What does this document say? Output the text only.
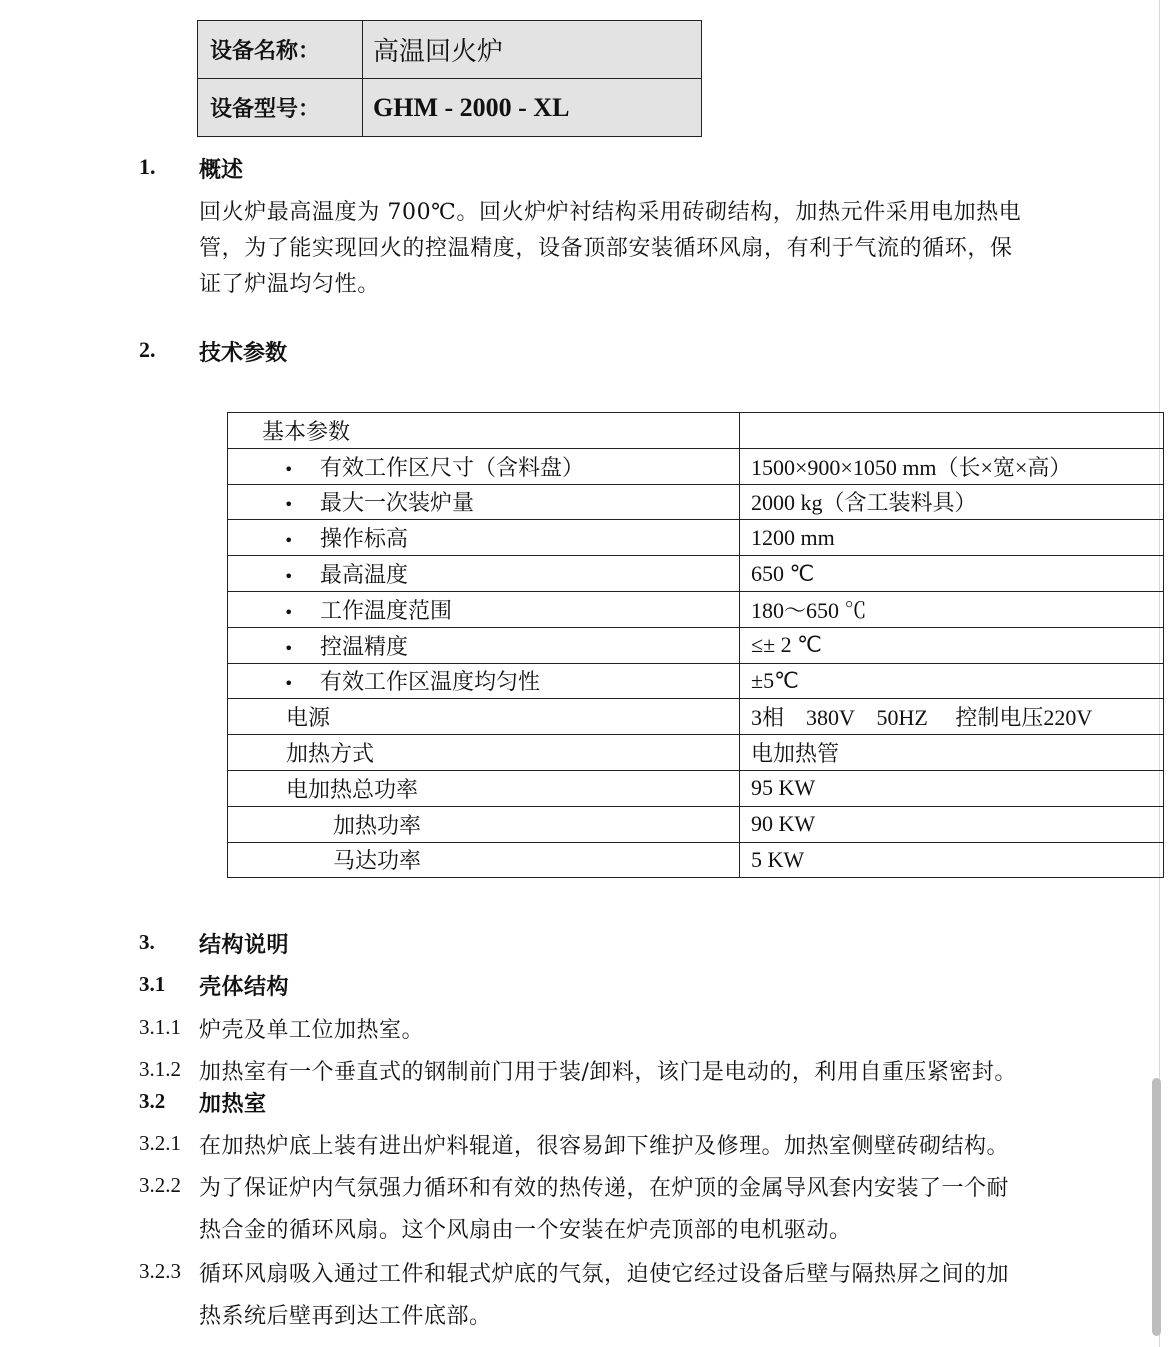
设备名称：	高温回火炉
设备型号：	GHM - 2000 - XL
1. 概述
回火炉最高温度为 700℃。回火炉炉衬结构采用砖砌结构，加热元件采用电加热电
管，为了能实现回火的控温精度，设备顶部安装循环风扇，有利于气流的循环，保
证了炉温均匀性。
2. 技术参数
基本参数	
• 有效工作区尺寸（含料盘）	1500×900×1050 mm（长×宽×高）
• 最大一次装炉量	2000 kg（含工装料具）
• 操作标高	1200 mm
• 最高温度	650 ℃
• 工作温度范围	180～650 ℃
• 控温精度	≤± 2 ℃
• 有效工作区温度均匀性	±5℃
电源	3相　380V　50HZ　 控制电压220V
加热方式	电加热管
电加热总功率	95 KW
加热功率	90 KW
马达功率	5 KW
3. 结构说明
3.1 壳体结构
3.1.1 炉壳及单工位加热室。
3.1.2 加热室有一个垂直式的钢制前门用于装/卸料，该门是电动的，利用自重压紧密封。
3.2 加热室
3.2.1 在加热炉底上装有进出炉料辊道，很容易卸下维护及修理。加热室侧壁砖砌结构。
3.2.2 为了保证炉内气氛强力循环和有效的热传递，在炉顶的金属导风套内安装了一个耐
热合金的循环风扇。这个风扇由一个安装在炉壳顶部的电机驱动。
3.2.3 循环风扇吸入通过工件和辊式炉底的气氛，迫使它经过设备后壁与隔热屏之间的加
热系统后壁再到达工件底部。
